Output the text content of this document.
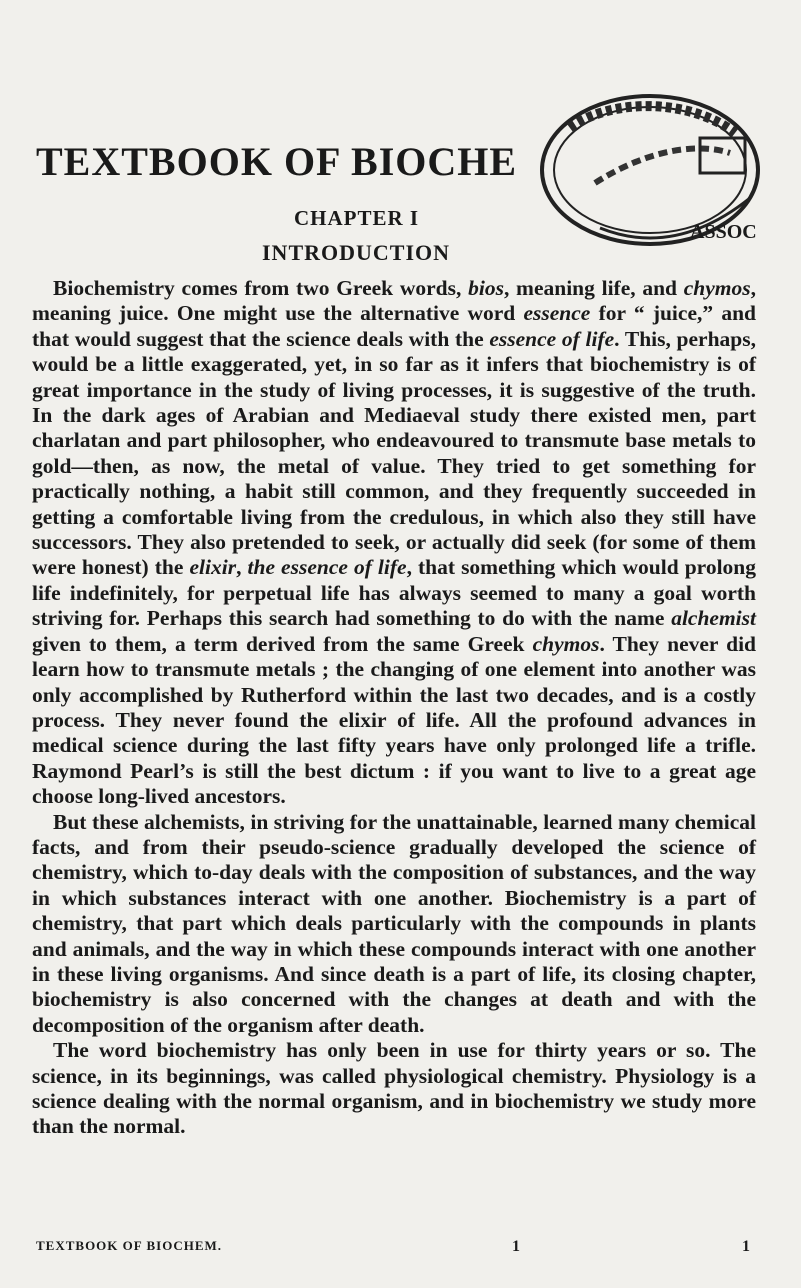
TEXTBOOK OF BIOCHE
ASSOC
CHAPTER I
INTRODUCTION

Biochemistry comes from two Greek words, bios, meaning life, and chymos, meaning juice. One might use the alternative word essence for “ juice,” and that would suggest that the science deals with the essence of life. This, perhaps, would be a little exaggerated, yet, in so far as it infers that biochemistry is of great importance in the study of living processes, it is suggestive of the truth. In the dark ages of Arabian and Mediaeval study there existed men, part charlatan and part philosopher, who endeavoured to transmute base metals to gold—then, as now, the metal of value. They tried to get something for practically nothing, a habit still common, and they frequently succeeded in getting a comfortable living from the credulous, in which also they still have successors. They also pretended to seek, or actually did seek (for some of them were honest) the elixir, the essence of life, that something which would prolong life indefinitely, for perpetual life has always seemed to many a goal worth striving for. Perhaps this search had something to do with the name alchemist given to them, a term derived from the same Greek chymos. They never did learn how to transmute metals ; the changing of one element into another was only accomplished by Rutherford within the last two decades, and is a costly process. They never found the elixir of life. All the profound advances in medical science during the last fifty years have only prolonged life a trifle. Raymond Pearl’s is still the best dictum : if you want to live to a great age choose long-lived ancestors.

But these alchemists, in striving for the unattainable, learned many chemical facts, and from their pseudo-science gradually developed the science of chemistry, which to-day deals with the composition of substances, and the way in which substances interact with one another. Biochemistry is a part of chemistry, that part which deals particularly with the compounds in plants and animals, and the way in which these compounds interact with one another in these living organisms. And since death is a part of life, its closing chapter, biochemistry is also concerned with the changes at death and with the decomposition of the organism after death.

The word biochemistry has only been in use for thirty years or so. The science, in its beginnings, was called physiological chemistry. Physiology is a science dealing with the normal organism, and in biochemistry we study more than the normal.

TEXTBOOK OF BIOCHEM.	1	1
